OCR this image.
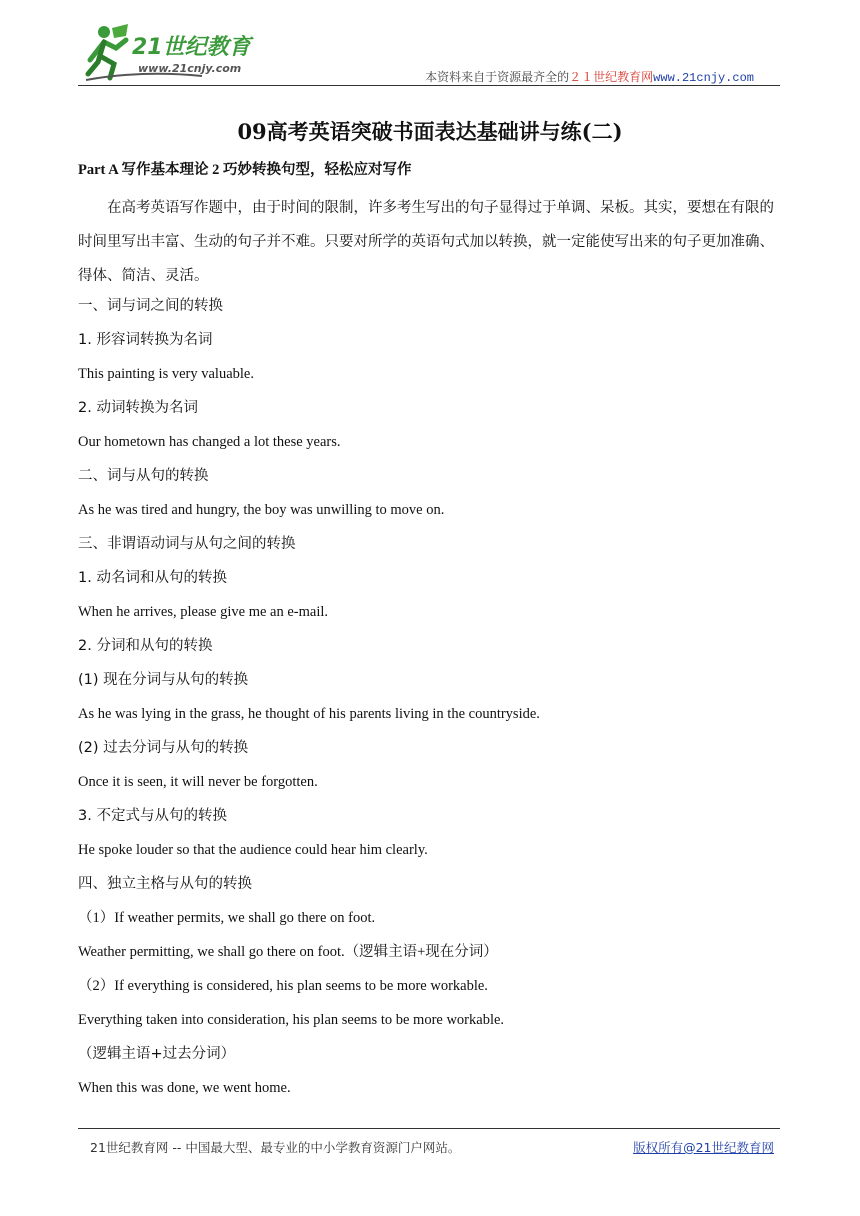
21世纪教育
www.21cnjy.com
本资料来自于资源最齐全的２１世纪教育网www.21cnjy.com
09高考英语突破书面表达基础讲与练(二)
Part A 写作基本理论 2 巧妙转换句型，轻松应对写作
在高考英语写作题中，由于时间的限制，许多考生写出的句子显得过于单调、呆板。其实，要想在有限的时间里写出丰富、生动的句子并不难。只要对所学的英语句式加以转换，就一定能使写出来的句子更加准确、得体、简洁、灵活。
一、词与词之间的转换
1. 形容词转换为名词
This painting is very valuable.
2. 动词转换为名词
Our hometown has changed a lot these years.
二、词与从句的转换
As he was tired and hungry, the boy was unwilling to move on.
三、非谓语动词与从句之间的转换
1. 动名词和从句的转换
When he arrives, please give me an e-mail.
2. 分词和从句的转换
(1) 现在分词与从句的转换
As he was lying in the grass, he thought of his parents living in the countryside.
(2) 过去分词与从句的转换
Once it is seen, it will never be forgotten.
3. 不定式与从句的转换
He spoke louder so that the audience could hear him clearly.
四、独立主格与从句的转换
（1）If weather permits, we shall go there on foot.
Weather permitting, we shall go there on foot.（逻辑主语+现在分词）
（2）If everything is considered, his plan seems to be more workable.
Everything taken into consideration, his plan seems to be more workable.
（逻辑主语+过去分词）
When this was done, we went home.
21世纪教育网 -- 中国最大型、最专业的中小学教育资源门户网站。	版权所有@21世纪教育网
